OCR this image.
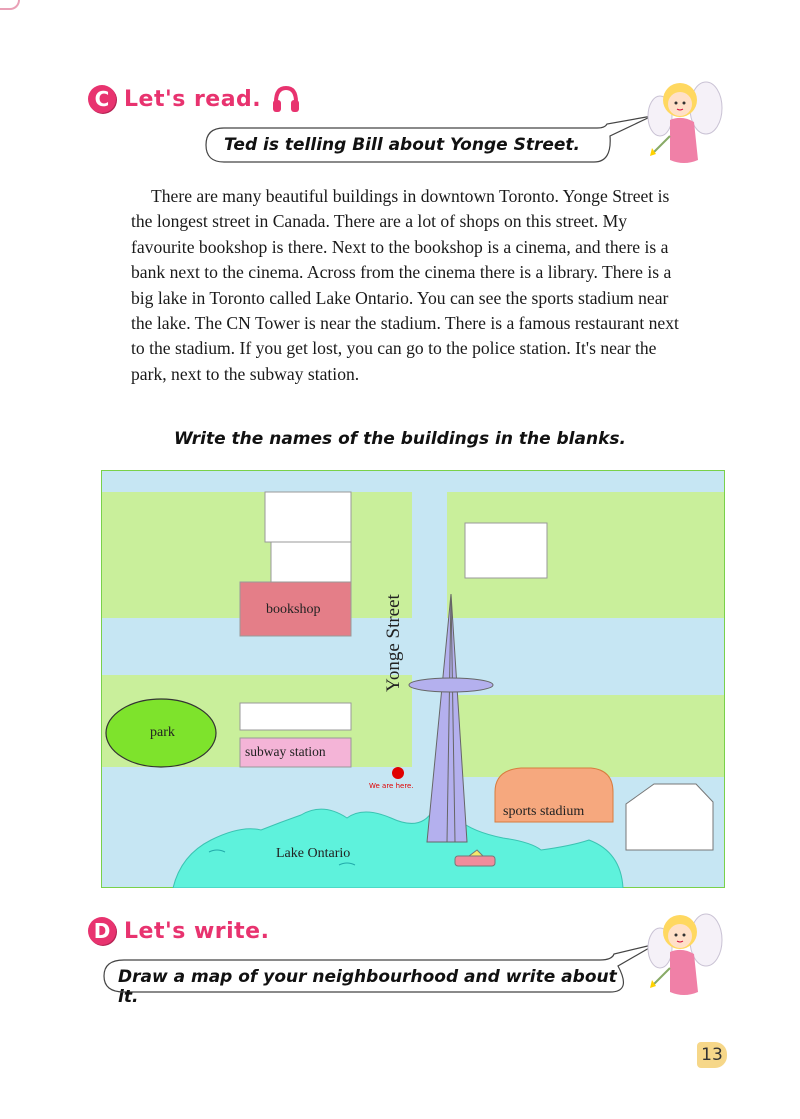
C Let's read.
Ted is telling Bill about Yonge Street.

There are many beautiful buildings in downtown Toronto. Yonge Street is the longest street in Canada. There are a lot of shops on this street. My favourite bookshop is there. Next to the bookshop is a cinema, and there is a bank next to the cinema. Across from the cinema there is a library. There is a big lake in Toronto called Lake Ontario. You can see the sports stadium near the lake. The CN Tower is near the stadium. There is a famous restaurant next to the stadium. If you get lost, you can go to the police station. It's near the park, next to the subway station.

Write the names of the buildings in the blanks.
bookshop
park
subway station
We are here.
sports stadium
Lake Ontario
Yonge Street
D Let's write.
Draw a map of your neighbourhood and write about it.
13
